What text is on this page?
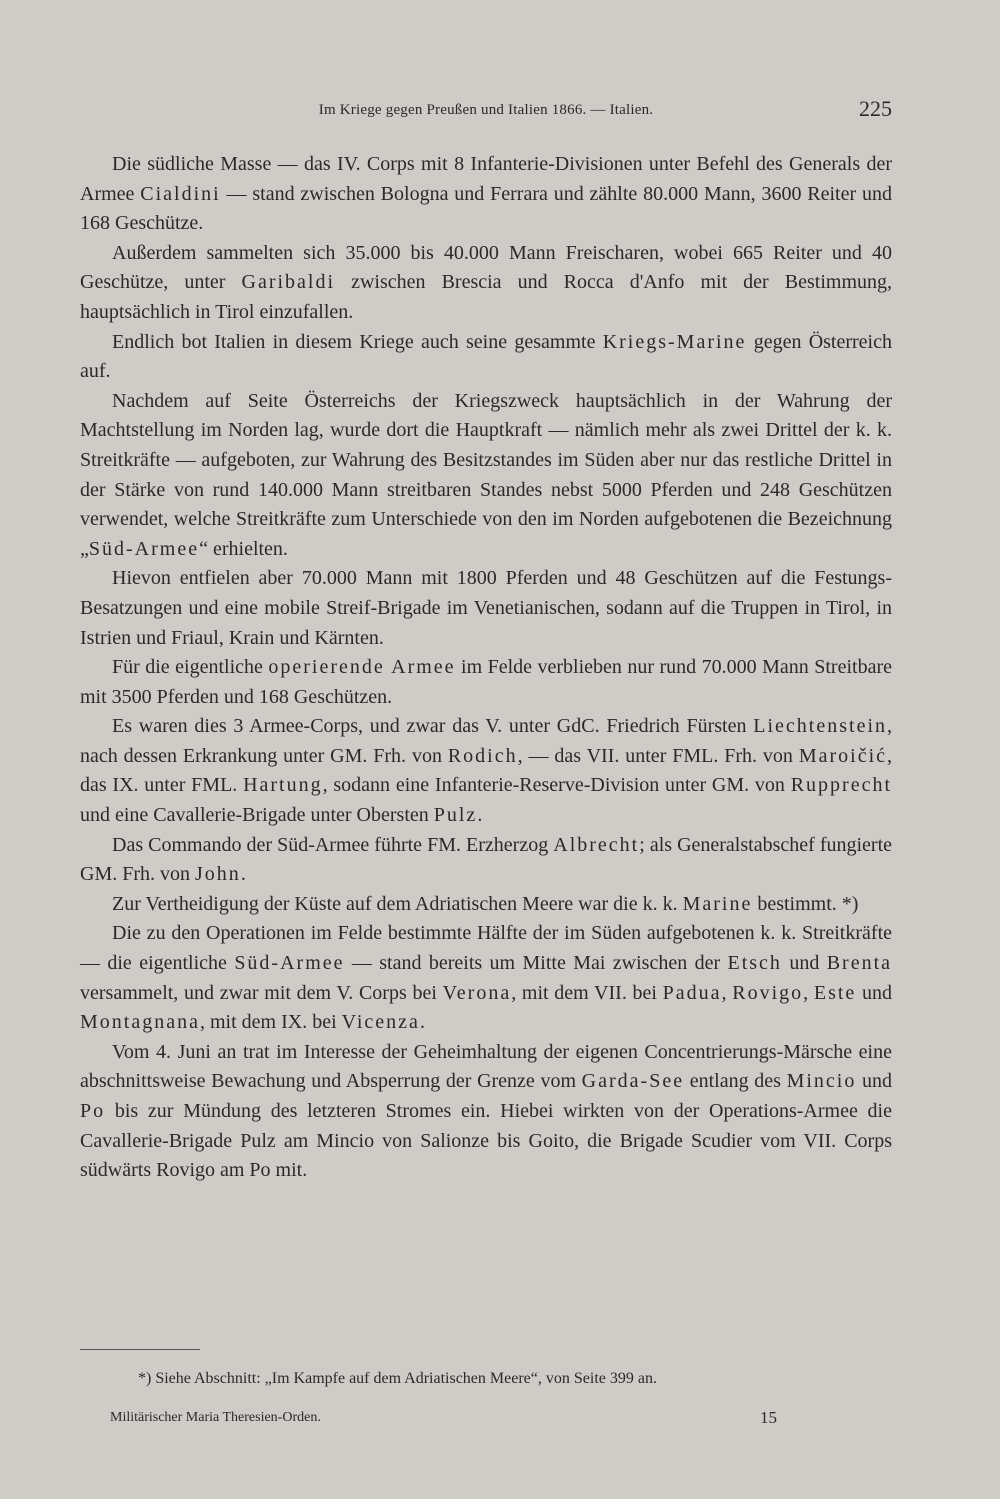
Im Kriege gegen Preußen und Italien 1866. — Italien.	225

Die südliche Masse — das IV. Corps mit 8 Infanterie-Divisionen unter Befehl des Generals der Armee Cialdini — stand zwischen Bologna und Ferrara und zählte 80.000 Mann, 3600 Reiter und 168 Geschütze.

Außerdem sammelten sich 35.000 bis 40.000 Mann Freischaren, wobei 665 Reiter und 40 Geschütze, unter Garibaldi zwischen Brescia und Rocca d'Anfo mit der Bestimmung, hauptsächlich in Tirol einzufallen.

Endlich bot Italien in diesem Kriege auch seine gesammte Kriegs-Marine gegen Österreich auf.

Nachdem auf Seite Österreichs der Kriegszweck hauptsächlich in der Wahrung der Machtstellung im Norden lag, wurde dort die Hauptkraft — nämlich mehr als zwei Drittel der k. k. Streitkräfte — aufgeboten, zur Wahrung des Besitzstandes im Süden aber nur das restliche Drittel in der Stärke von rund 140.000 Mann streitbaren Standes nebst 5000 Pferden und 248 Geschützen verwendet, welche Streitkräfte zum Unterschiede von den im Norden aufgebotenen die Bezeichnung „Süd-Armee“ erhielten.

Hievon entfielen aber 70.000 Mann mit 1800 Pferden und 48 Geschützen auf die Festungs-Besatzungen und eine mobile Streif-Brigade im Venetianischen, sodann auf die Truppen in Tirol, in Istrien und Friaul, Krain und Kärnten.

Für die eigentliche operierende Armee im Felde verblieben nur rund 70.000 Mann Streitbare mit 3500 Pferden und 168 Geschützen.

Es waren dies 3 Armee-Corps, und zwar das V. unter GdC. Friedrich Fürsten Liechtenstein, nach dessen Erkrankung unter GM. Frh. von Rodich, — das VII. unter FML. Frh. von Maroičić, das IX. unter FML. Hartung, sodann eine Infanterie-Reserve-Division unter GM. von Rupprecht und eine Cavallerie-Brigade unter Obersten Pulz.

Das Commando der Süd-Armee führte FM. Erzherzog Albrecht; als Generalstabschef fungierte GM. Frh. von John.

Zur Vertheidigung der Küste auf dem Adriatischen Meere war die k. k. Marine bestimmt. *)

Die zu den Operationen im Felde bestimmte Hälfte der im Süden aufgebotenen k. k. Streitkräfte — die eigentliche Süd-Armee — stand bereits um Mitte Mai zwischen der Etsch und Brenta versammelt, und zwar mit dem V. Corps bei Verona, mit dem VII. bei Padua, Rovigo, Este und Montagnana, mit dem IX. bei Vicenza.

Vom 4. Juni an trat im Interesse der Geheimhaltung der eigenen Concentrierungs-Märsche eine abschnittsweise Bewachung und Absperrung der Grenze vom Garda-See entlang des Mincio und Po bis zur Mündung des letzteren Stromes ein. Hiebei wirkten von der Operations-Armee die Cavallerie-Brigade Pulz am Mincio von Salionze bis Goito, die Brigade Scudier vom VII. Corps südwärts Rovigo am Po mit.

*) Siehe Abschnitt: „Im Kampfe auf dem Adriatischen Meere“, von Seite 399 an.
Militärischer Maria Theresien-Orden.	15
